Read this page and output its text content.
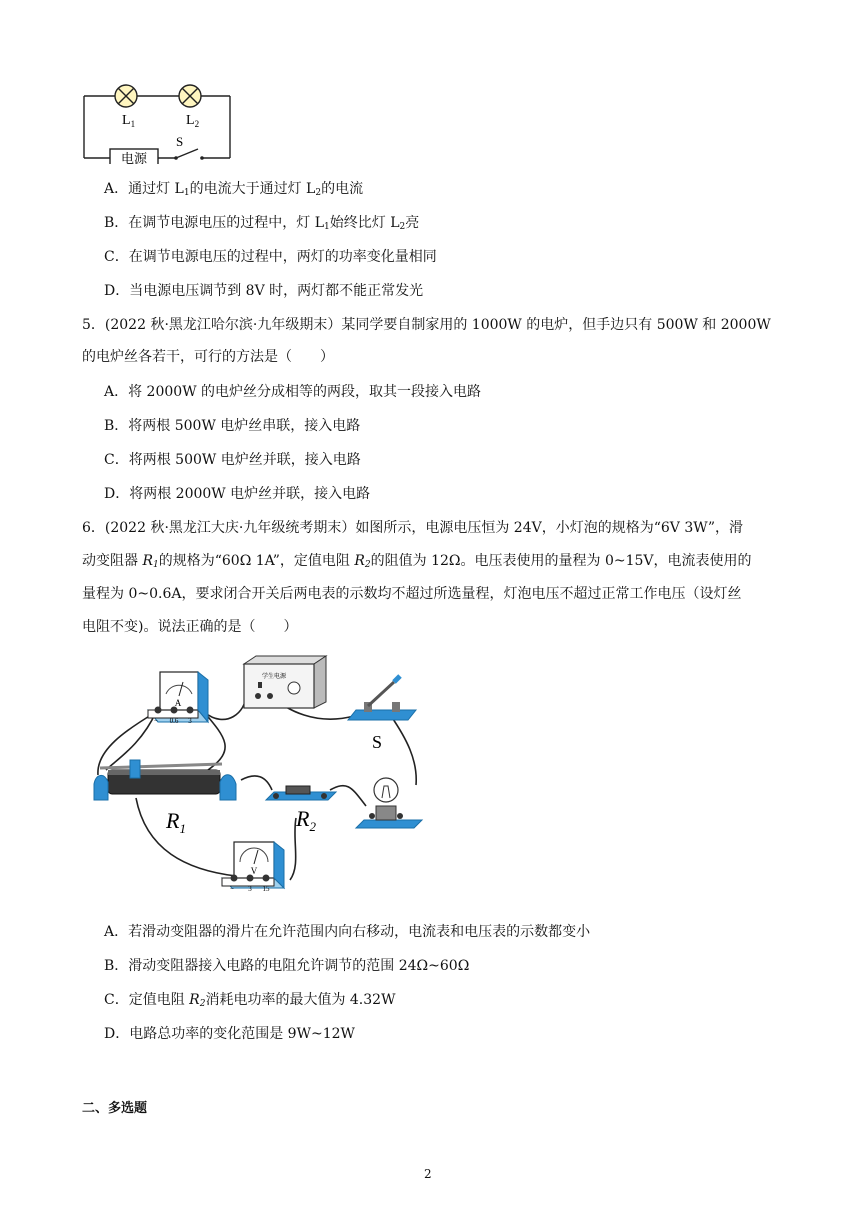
$L_1$	$L_2$
S
电源
A．通过灯 $L_1$的电流大于通过灯 $L_2$的电流
B．在调节电源电压的过程中，灯 $L_1$始终比灯 $L_2$亮
C．在调节电源电压的过程中，两灯的功率变化量相同
D．当电源电压调节到 8V 时，两灯都不能正常发光
5．(2022 秋·黑龙江哈尔滨·九年级期末）某同学要自制家用的 1000W 的电炉，但手边只有 500W 和 2000W
的电炉丝各若干，可行的方法是（　　）
A．将 2000W 的电炉丝分成相等的两段，取其一段接入电路
B．将两根 500W 电炉丝串联，接入电路
C．将两根 500W 电炉丝并联，接入电路
D．将两根 2000W 电炉丝并联，接入电路
6．(2022 秋·黑龙江大庆·九年级统考期末）如图所示，电源电压恒为 24V，小灯泡的规格为“6V 3W”，滑
动变阻器 $R_1$的规格为“60Ω 1A”，定值电阻 $R_2$的阻值为 12Ω。电压表使用的量程为 0~15V，电流表使用的
量程为 0~0.6A，要求闭合开关后两电表的示数均不超过所选量程，灯泡电压不超过正常工作电压（设灯丝
电阻不变)。说法正确的是（　　）
A
− 0.6 3
学生电源
S
$R_1$	$R_2$
V
− 3 15
A．若滑动变阻器的滑片在允许范围内向右移动，电流表和电压表的示数都变小
B．滑动变阻器接入电路的电阻允许调节的范围 24Ω~60Ω
C．定值电阻 $R_2$消耗电功率的最大值为 4.32W
D．电路总功率的变化范围是 9W~12W
二、多选题
2
